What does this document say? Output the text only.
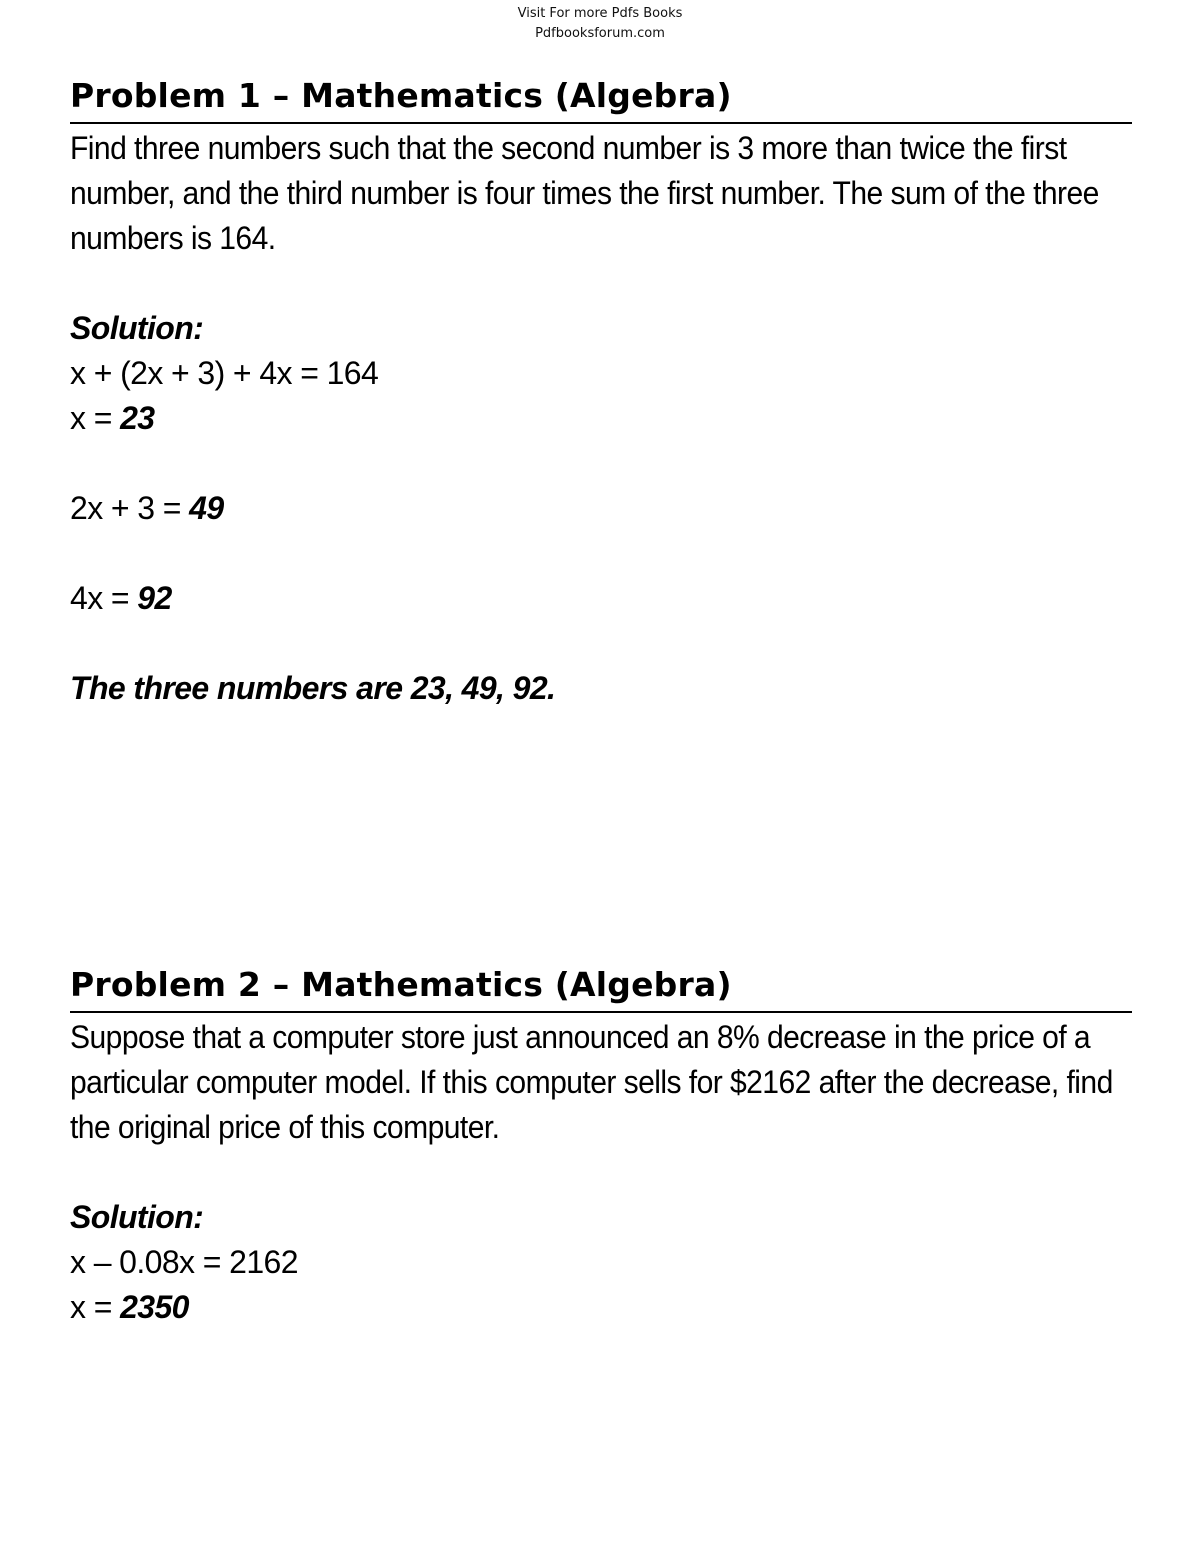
Visit For more Pdfs Books
Pdfbooksforum.com
Problem 1 – Mathematics (Algebra)
Find three numbers such that the second number is 3 more than twice the first number, and the third number is four times the first number. The sum of the three numbers is 164.
Solution:
x + (2x + 3) + 4x = 164
x = 23
2x + 3 = 49
4x = 92
The three numbers are 23, 49, 92.
Problem 2 – Mathematics (Algebra)
Suppose that a computer store just announced an 8% decrease in the price of a particular computer model. If this computer sells for $2162 after the decrease, find the original price of this computer.
Solution:
x – 0.08x = 2162
x = 2350
